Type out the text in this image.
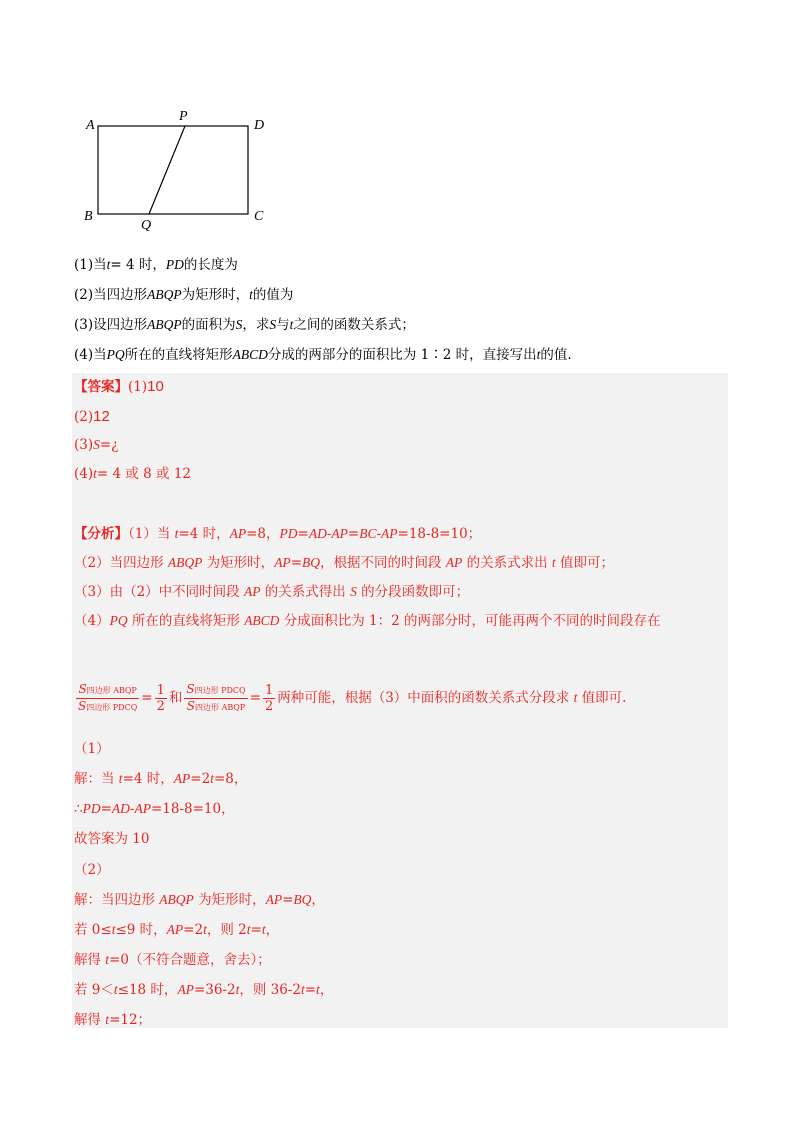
A
P
D
B
Q
C
(1)当t= 4 时，PD的长度为
(2)当四边形ABQP为矩形时，t的值为
(3)设四边形ABQP的面积为S，求S与t之间的函数关系式；
(4)当PQ所在的直线将矩形ABCD分成的两部分的面积比为 1∶2 时，直接写出t的值.
【答案】(1)10
(2)12
(3)S=¿
(4)t= 4 或 8 或 12
【分析】（1）当 t=4 时，AP=8，PD=AD-AP=BC-AP=18-8=10；
（2）当四边形 ABQP 为矩形时，AP=BQ，根据不同的时间段 AP 的关系式求出 t 值即可；
（3）由（2）中不同时间段 AP 的关系式得出 S 的分段函数即可；
（4）PQ 所在的直线将矩形 ABCD 分成面积比为 1：2 的两部分时，可能再两个不同的时间段存在
$\frac{\text{S四边形 ABQP}}{\text{S四边形 PDCQ}} = \frac{1}{2}$ 和 $\frac{\text{S四边形 PDCQ}}{\text{S四边形 ABQP}} = \frac{1}{2}$ 两种可能，根据（3）中面积的函数关系式分段求 t 值即可.
（1）
解：当 t=4 时，AP=2t=8，
∴PD=AD-AP=18-8=10，
故答案为 10
（2）
解：当四边形 ABQP 为矩形时，AP=BQ，
若 0≤t≤9 时，AP=2t，则 2t=t，
解得 t=0（不符合题意，舍去）；
若 9＜t≤18 时，AP=36-2t，则 36-2t=t，
解得 t=12；
